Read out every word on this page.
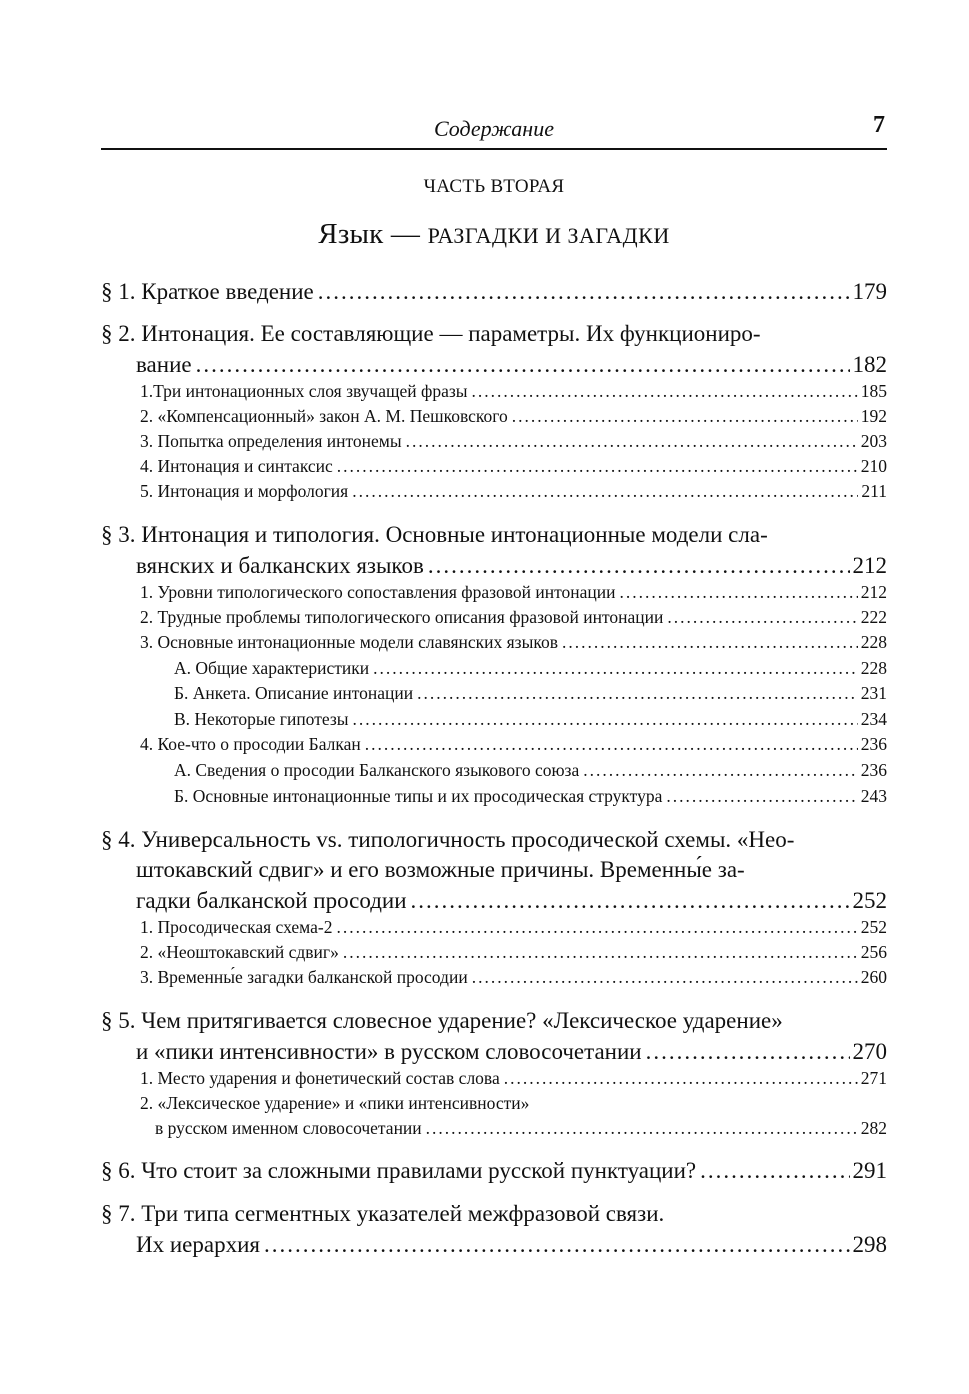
Содержание	7
ЧАСТЬ ВТОРАЯ
Язык — РАЗГАДКИ И ЗАГАДКИ
§ 1. Краткое введение .....	179
§ 2. Интонация. Ее составляющие — параметры. Их функциониро-
вание .....	182
1.Три интонационных слоя звучащей фразы .....	185
2. «Компенсационный» закон А. М. Пешковского .....	192
3. Попытка определения интонемы .....	203
4. Интонация и синтаксис .....	210
5. Интонация и морфология .....	211
§ 3. Интонация и типология. Основные интонационные модели сла-
вянских и балканских языков .....	212
1. Уровни типологического сопоставления фразовой интонации .....	212
2. Трудные проблемы типологического описания фразовой интонации .....	222
3. Основные интонационные модели славянских языков .....	228
А. Общие характеристики .....	228
Б. Анкета. Описание интонации .....	231
В. Некоторые гипотезы .....	234
4. Кое-что о просодии Балкан .....	236
А. Сведения о просодии Балканского языкового союза .....	236
Б. Основные интонационные типы и их просодическая структура .....	243
§ 4. Универсальность vs. типологичность просодической схемы. «Нео-
штокавский сдвиг» и его возможные причины. Временны́е за-
гадки балканской просодии .....	252
1. Просодическая схема-2 .....	252
2. «Неоштокавский сдвиг» .....	256
3. Временны́е загадки балканской просодии .....	260
§ 5. Чем притягивается словесное ударение? «Лексическое ударение»
и «пики интенсивности» в русском словосочетании .....	270
1. Место ударения и фонетический состав слова .....	271
2. «Лексическое ударение» и «пики интенсивности»
в русском именном словосочетании .....	282
§ 6. Что стоит за сложными правилами русской пунктуации? .....	291
§ 7. Три типа сегментных указателей межфразовой связи.
Их иерархия .....	298
